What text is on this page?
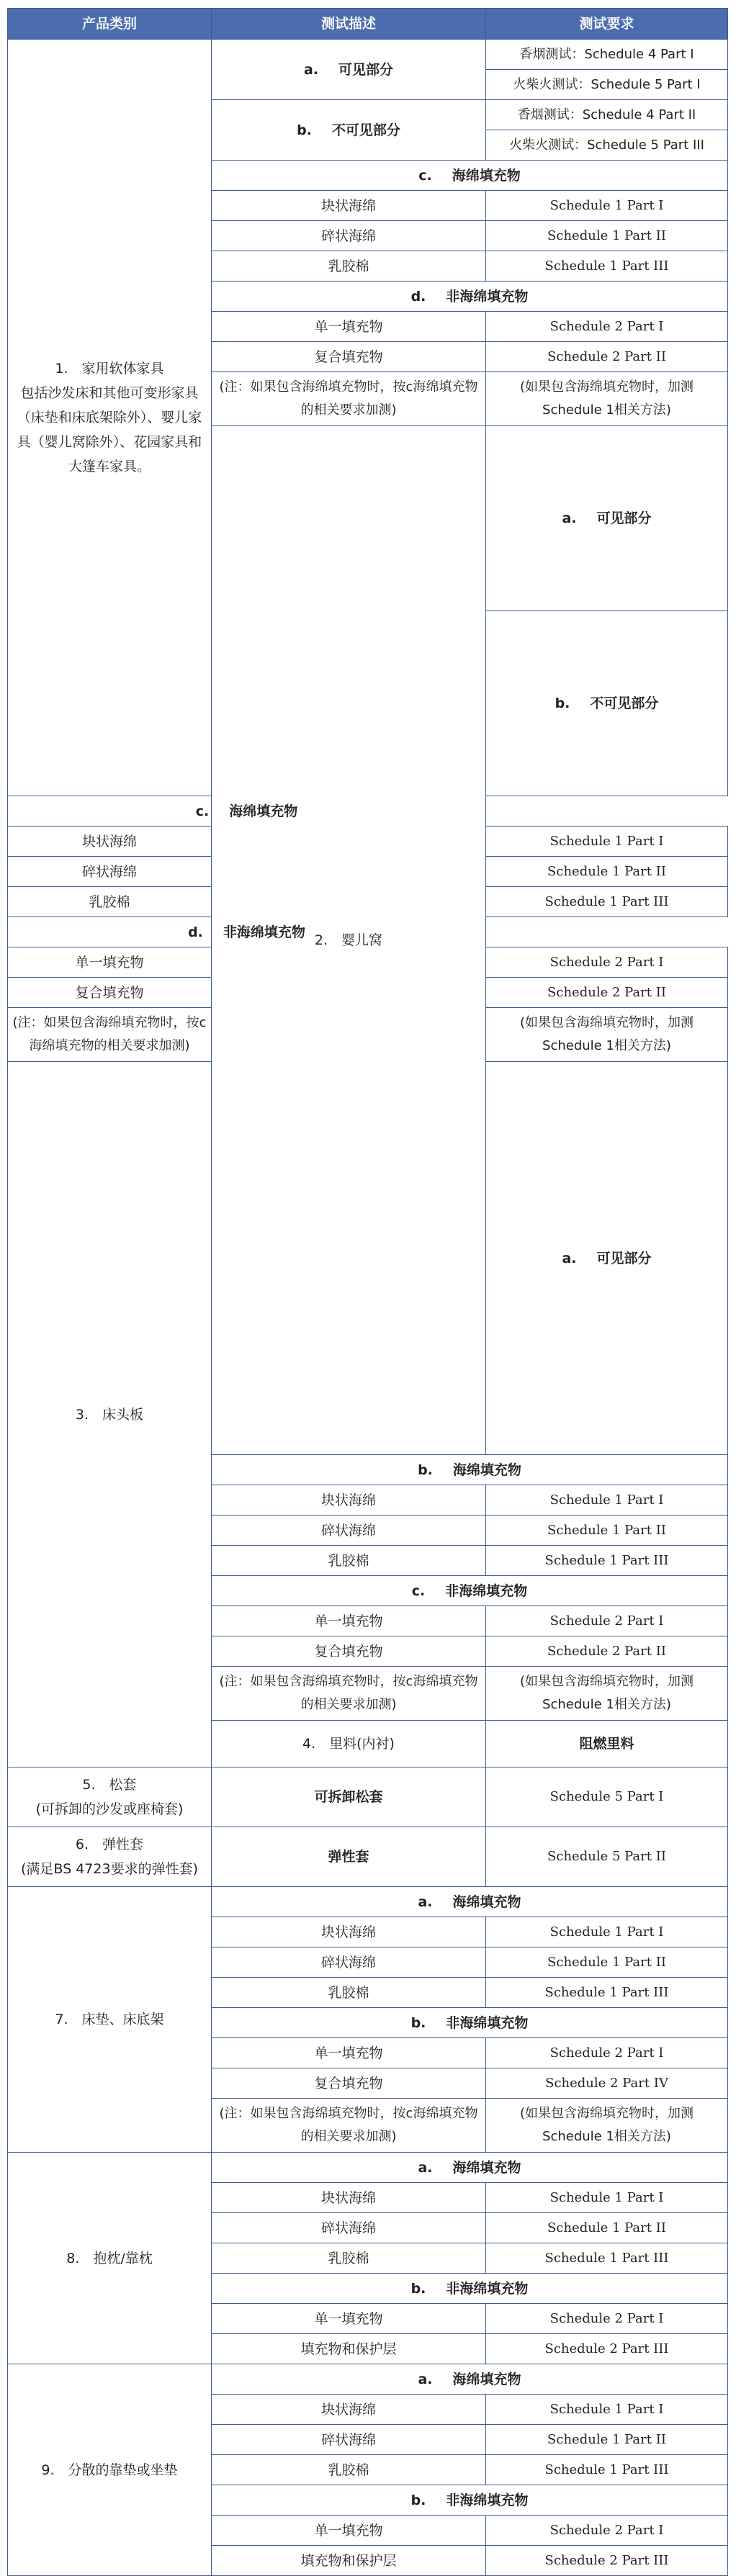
产品类别	测试描述	测试要求	

1.　家用软体家具
包括沙发床和其他可变形家具（床垫和床底架除外）、婴儿家具（婴儿窝除外）、花园家具和大篷车家具。	a. 可见部分	香烟测试：Schedule 4 Part I	
		火柴火测试：Schedule 5 Part I	
	b. 不可见部分	香烟测试：Schedule 4 Part II	
		火柴火测试：Schedule 5 Part III	
	c. 海绵填充物		
	块状海绵	Schedule 1 Part I	
	碎状海绵	Schedule 1 Part II	
	乳胶棉	Schedule 1 Part III	
	d. 非海绵填充物		
	单一填充物	Schedule 2 Part I	
	复合填充物	Schedule 2 Part II	
	(注：如果包含海绵填充物时，按c海绵填充物的相关要求加测)	(如果包含海绵填充物时，加测Schedule 1相关方法)	
	2.　婴儿窝	a. 可见部分	
		b. 不可见部分	
c. 海绵填充物			
块状海绵		Schedule 1 Part I	
碎状海绵		Schedule 1 Part II	
乳胶棉		Schedule 1 Part III	
d. 非海绵填充物			
单一填充物		Schedule 2 Part I	
复合填充物		Schedule 2 Part II	
(注：如果包含海绵填充物时，按c海绵填充物的相关要求加测)		(如果包含海绵填充物时，加测Schedule 1相关方法)	
3.　床头板		a. 可见部分	

	b. 海绵填充物		
	块状海绵	Schedule 1 Part I	
	碎状海绵	Schedule 1 Part II	
	乳胶棉	Schedule 1 Part III	
	c. 非海绵填充物		
	单一填充物	Schedule 2 Part I	
	复合填充物	Schedule 2 Part II	
	(注：如果包含海绵填充物时，按c海绵填充物的相关要求加测)	(如果包含海绵填充物时，加测Schedule 1相关方法)	
	4.　里料(内衬)	阻燃里料	

5.　松套
(可拆卸的沙发或座椅套)	可拆卸松套	Schedule 5 Part I	

6.　弹性套
(满足BS 4723要求的弹性套)	弹性套	Schedule 5 Part II	
7.　床垫、床底架	a. 海绵填充物		
	块状海绵	Schedule 1 Part I	
	碎状海绵	Schedule 1 Part II	
	乳胶棉	Schedule 1 Part III	
	b. 非海绵填充物		
	单一填充物	Schedule 2 Part I	
	复合填充物	Schedule 2 Part IV	
	(注：如果包含海绵填充物时，按c海绵填充物的相关要求加测)	(如果包含海绵填充物时，加测Schedule 1相关方法)	
8.　抱枕/靠枕	a. 海绵填充物		
	块状海绵	Schedule 1 Part I	
	碎状海绵	Schedule 1 Part II	
	乳胶棉	Schedule 1 Part III	
	b. 非海绵填充物		
	单一填充物	Schedule 2 Part I	
	填充物和保护层	Schedule 2 Part III	
9.　分散的靠垫或坐垫	a. 海绵填充物		
	块状海绵	Schedule 1 Part I	
	碎状海绵	Schedule 1 Part II	
	乳胶棉	Schedule 1 Part III	
	b. 非海绵填充物		
	单一填充物	Schedule 2 Part I	
	填充物和保护层	Schedule 2 Part III	
